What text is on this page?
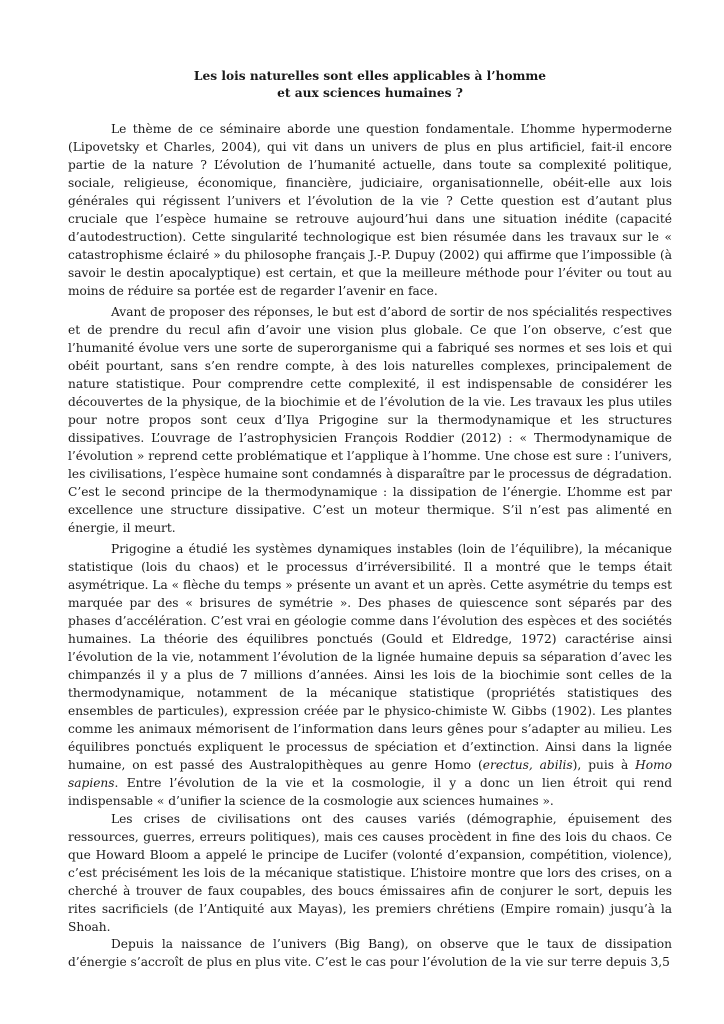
Les lois naturelles sont elles applicables à l’homme
et aux sciences humaines ?

Le thème de ce séminaire aborde une question fondamentale. L’homme hypermoderne (Lipovetsky et Charles, 2004), qui vit dans un univers de plus en plus artificiel, fait-il encore partie de la nature ? L’évolution de l’humanité actuelle, dans toute sa complexité politique, sociale, religieuse, économique, financière, judiciaire, organisationnelle, obéit-elle aux lois générales qui régissent l’univers et l’évolution de la vie ? Cette question est d’autant plus cruciale que l’espèce humaine se retrouve aujourd’hui dans une situation inédite (capacité d’autodestruction). Cette singularité technologique est bien résumée dans les travaux sur le « catastrophisme éclairé » du philosophe français J.-P. Dupuy (2002) qui affirme que l’impossible (à savoir le destin apocalyptique) est certain, et que la meilleure méthode pour l’éviter ou tout au moins de réduire sa portée est de regarder l’avenir en face.

Avant de proposer des réponses, le but est d’abord de sortir de nos spécialités respectives et de prendre du recul afin d’avoir une vision plus globale. Ce que l’on observe, c’est que l’humanité évolue vers une sorte de superorganisme qui a fabriqué ses normes et ses lois et qui obéit pourtant, sans s’en rendre compte, à des lois naturelles complexes, principalement de nature statistique. Pour comprendre cette complexité, il est indispensable de considérer les découvertes de la physique, de la biochimie et de l’évolution de la vie. Les travaux les plus utiles pour notre propos sont ceux d’Ilya Prigogine sur la thermodynamique et les structures dissipatives. L’ouvrage de l’astrophysicien François Roddier (2012) : « Thermodynamique de l’évolution » reprend cette problématique et l’applique à l’homme. Une chose est sure : l’univers, les civilisations, l’espèce humaine sont condamnés à disparaître par le processus de dégradation. C’est le second principe de la thermodynamique : la dissipation de l’énergie. L’homme est par excellence une structure dissipative. C’est un moteur thermique. S’il n’est pas alimenté en énergie, il meurt.

Prigogine a étudié les systèmes dynamiques instables (loin de l’équilibre), la mécanique statistique (lois du chaos) et le processus d’irréversibilité. Il a montré que le temps était asymétrique. La « flèche du temps » présente un avant et un après. Cette asymétrie du temps est marquée par des « brisures de symétrie ». Des phases de quiescence sont séparés par des phases d’accélération. C’est vrai en géologie comme dans l’évolution des espèces et des sociétés humaines. La théorie des équilibres ponctués (Gould et Eldredge, 1972) caractérise ainsi l’évolution de la vie, notamment l’évolution de la lignée humaine depuis sa séparation d’avec les chimpanzés il y a plus de 7 millions d’années. Ainsi les lois de la biochimie sont celles de la thermodynamique, notamment de la mécanique statistique (propriétés statistiques des ensembles de particules), expression créée par le physico-chimiste W. Gibbs (1902). Les plantes comme les animaux mémorisent de l’information dans leurs gênes pour s’adapter au milieu. Les équilibres ponctués expliquent le processus de spéciation et d’extinction. Ainsi dans la lignée humaine, on est passé des Australopithèques au genre Homo (erectus, abilis), puis à Homo sapiens. Entre l’évolution de la vie et la cosmologie, il y a donc un lien étroit qui rend indispensable « d’unifier la science de la cosmologie aux sciences humaines ».

Les crises de civilisations ont des causes variés (démographie, épuisement des ressources, guerres, erreurs politiques), mais ces causes procèdent in fine des lois du chaos. Ce que Howard Bloom a appelé le principe de Lucifer (volonté d’expansion, compétition, violence), c’est précisément les lois de la mécanique statistique. L’histoire montre que lors des crises, on a cherché à trouver de faux coupables, des boucs émissaires afin de conjurer le sort, depuis les rites sacrificiels (de l’Antiquité aux Mayas), les premiers chrétiens (Empire romain) jusqu’à la Shoah.

Depuis la naissance de l’univers (Big Bang), on observe que le taux de dissipation d’énergie s’accroît de plus en plus vite. C’est le cas pour l’évolution de la vie sur terre depuis 3,5
